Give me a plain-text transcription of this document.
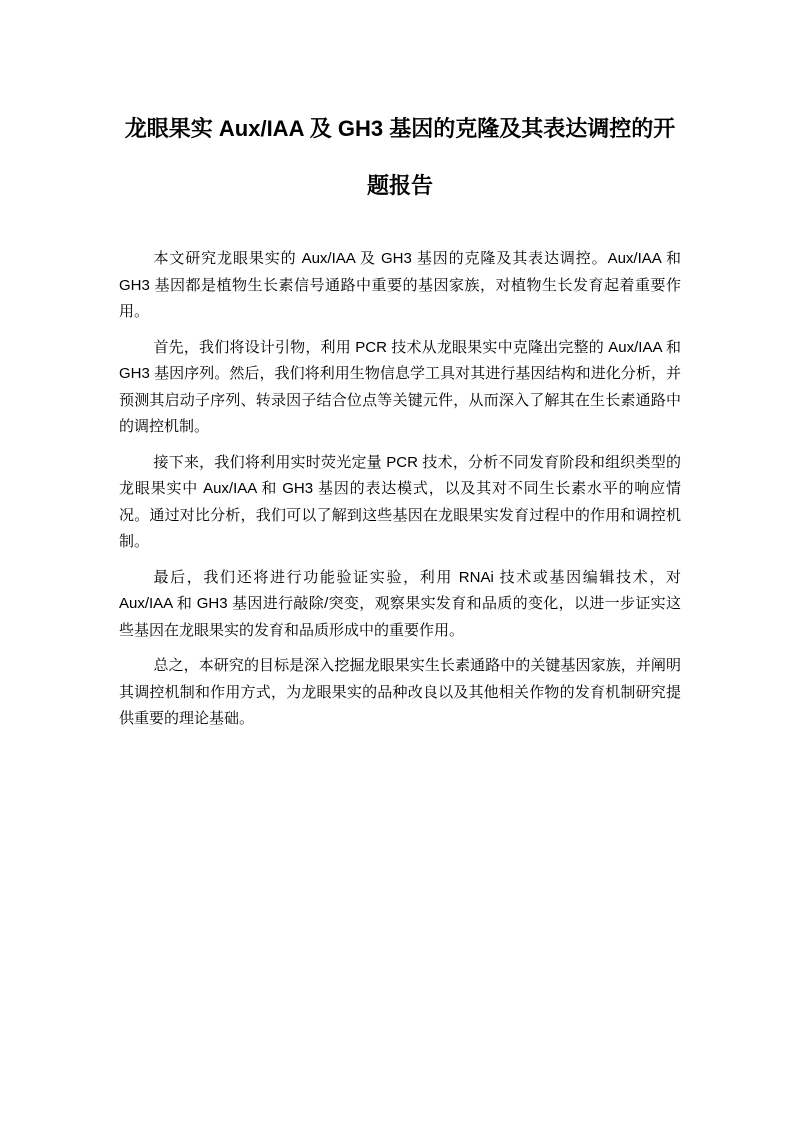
龙眼果实 Aux/IAA 及 GH3 基因的克隆及其表达调控的开
题报告

本文研究龙眼果实的 Aux/IAA 及 GH3 基因的克隆及其表达调控。Aux/IAA 和 GH3 基因都是植物生长素信号通路中重要的基因家族，对植物生长发育起着重要作用。

首先，我们将设计引物，利用 PCR 技术从龙眼果实中克隆出完整的 Aux/IAA 和 GH3 基因序列。然后，我们将利用生物信息学工具对其进行基因结构和进化分析，并预测其启动子序列、转录因子结合位点等关键元件，从而深入了解其在生长素通路中的调控机制。

接下来，我们将利用实时荧光定量 PCR 技术，分析不同发育阶段和组织类型的龙眼果实中 Aux/IAA 和 GH3 基因的表达模式，以及其对不同生长素水平的响应情况。通过对比分析，我们可以了解到这些基因在龙眼果实发育过程中的作用和调控机制。

最后，我们还将进行功能验证实验，利用 RNAi 技术或基因编辑技术，对 Aux/IAA 和 GH3 基因进行敲除/突变，观察果实发育和品质的变化，以进一步证实这些基因在龙眼果实的发育和品质形成中的重要作用。

总之，本研究的目标是深入挖掘龙眼果实生长素通路中的关键基因家族，并阐明其调控机制和作用方式，为龙眼果实的品种改良以及其他相关作物的发育机制研究提供重要的理论基础。
